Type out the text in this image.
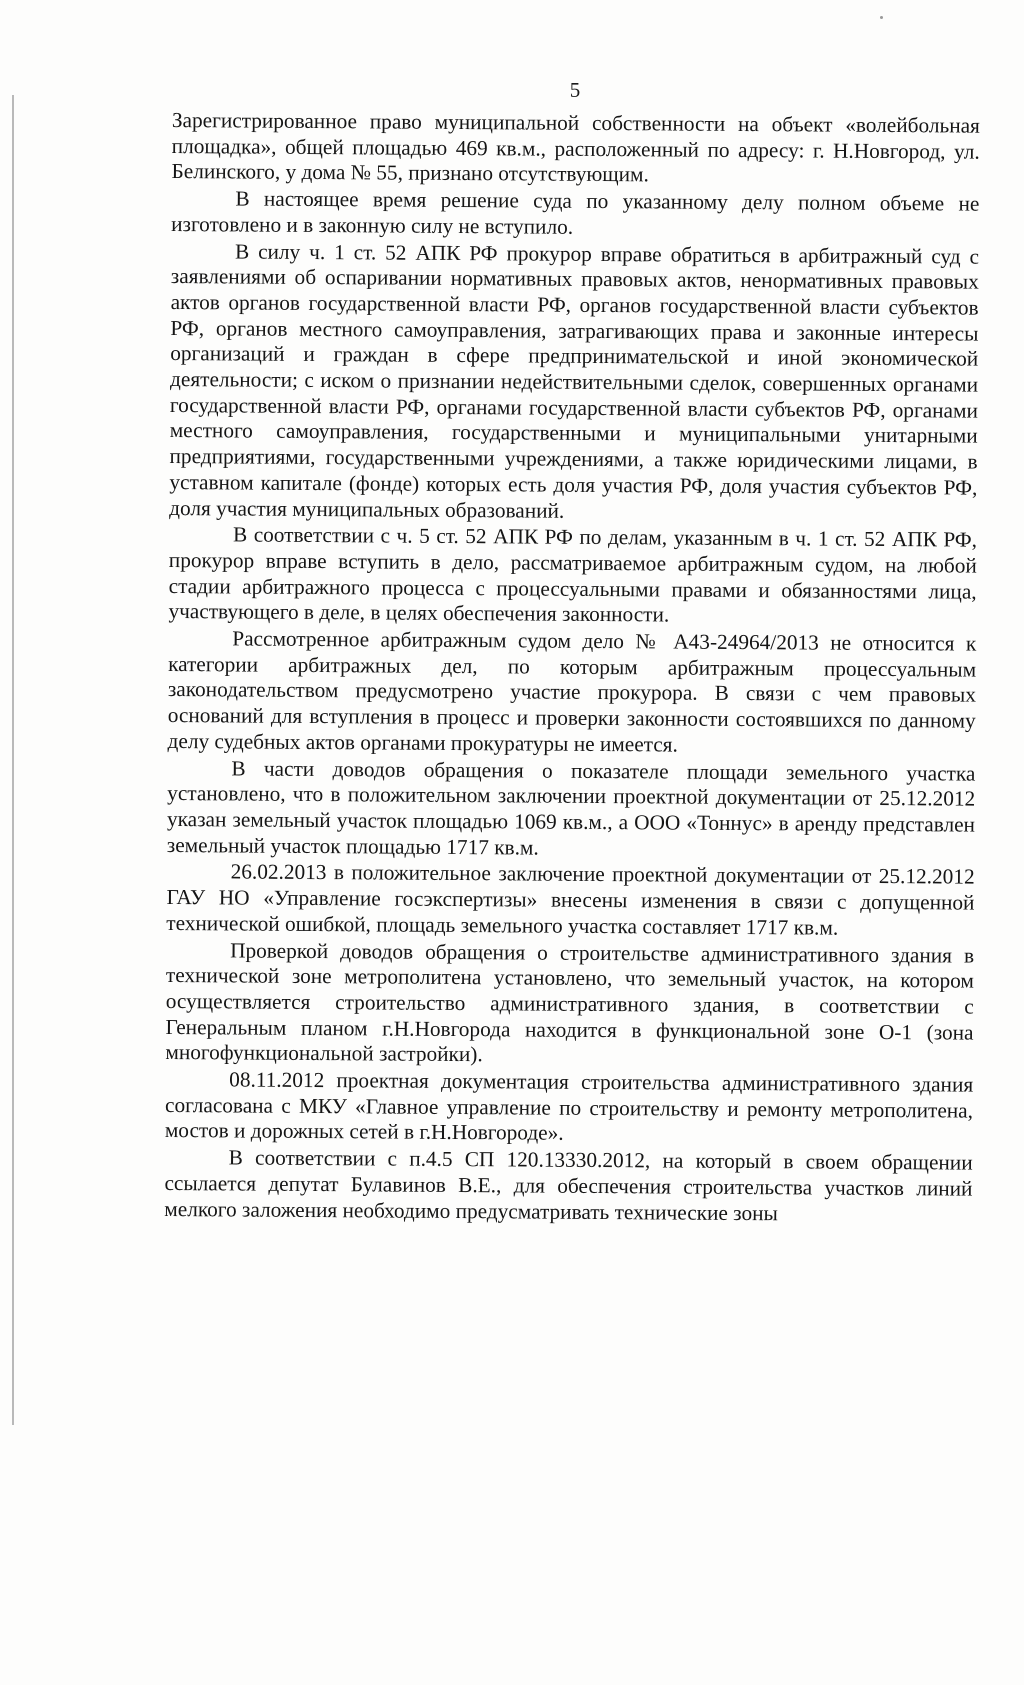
5

Зарегистрированное право муниципальной собственности на объект «волейбольная площадка», общей площадью 469 кв.м., расположенный по адресу: г. Н.Новгород, ул. Белинского, у дома № 55, признано отсутствующим.

В настоящее время решение суда по указанному делу полном объеме не изготовлено и в законную силу не вступило.

В силу ч. 1 ст. 52 АПК РФ прокурор вправе обратиться в арбитражный суд с заявлениями об оспаривании нормативных правовых актов, ненормативных правовых актов органов государственной власти РФ, органов государственной власти субъектов РФ, органов местного самоуправления, затрагивающих права и законные интересы организаций и граждан в сфере предпринимательской и иной экономической деятельности; с иском о признании недействительными сделок, совершенных органами государственной власти РФ, органами государственной власти субъектов РФ, органами местного самоуправления, государственными и муниципальными унитарными предприятиями, государственными учреждениями, а также юридическими лицами, в уставном капитале (фонде) которых есть доля участия РФ, доля участия субъектов РФ, доля участия муниципальных образований.

В соответствии с ч. 5 ст. 52 АПК РФ по делам, указанным в ч. 1 ст. 52 АПК РФ, прокурор вправе вступить в дело, рассматриваемое арбитражным судом, на любой стадии арбитражного процесса с процессуальными правами и обязанностями лица, участвующего в деле, в целях обеспечения законности.

Рассмотренное арбитражным судом дело № А43-24964/2013 не относится к категории арбитражных дел, по которым арбитражным процессуальным законодательством предусмотрено участие прокурора. В связи с чем правовых оснований для вступления в процесс и проверки законности состоявшихся по данному делу судебных актов органами прокуратуры не имеется.

В части доводов обращения о показателе площади земельного участка установлено, что в положительном заключении проектной документации от 25.12.2012 указан земельный участок площадью 1069 кв.м., а ООО «Тоннус» в аренду представлен земельный участок площадью 1717 кв.м.

26.02.2013 в положительное заключение проектной документации от 25.12.2012 ГАУ НО «Управление госэкспертизы» внесены изменения в связи с допущенной технической ошибкой, площадь земельного участка составляет 1717 кв.м.

Проверкой доводов обращения о строительстве административного здания в технической зоне метрополитена установлено, что земельный участок, на котором осуществляется строительство административного здания, в соответствии с Генеральным планом г.Н.Новгорода находится в функциональной зоне О-1 (зона многофункциональной застройки).

08.11.2012 проектная документация строительства административного здания согласована с МКУ «Главное управление по строительству и ремонту метрополитена, мостов и дорожных сетей в г.Н.Новгороде».

В соответствии с п.4.5 СП 120.13330.2012, на который в своем обращении ссылается депутат Булавинов В.Е., для обеспечения строительства участков линий мелкого заложения необходимо предусматривать технические зоны
